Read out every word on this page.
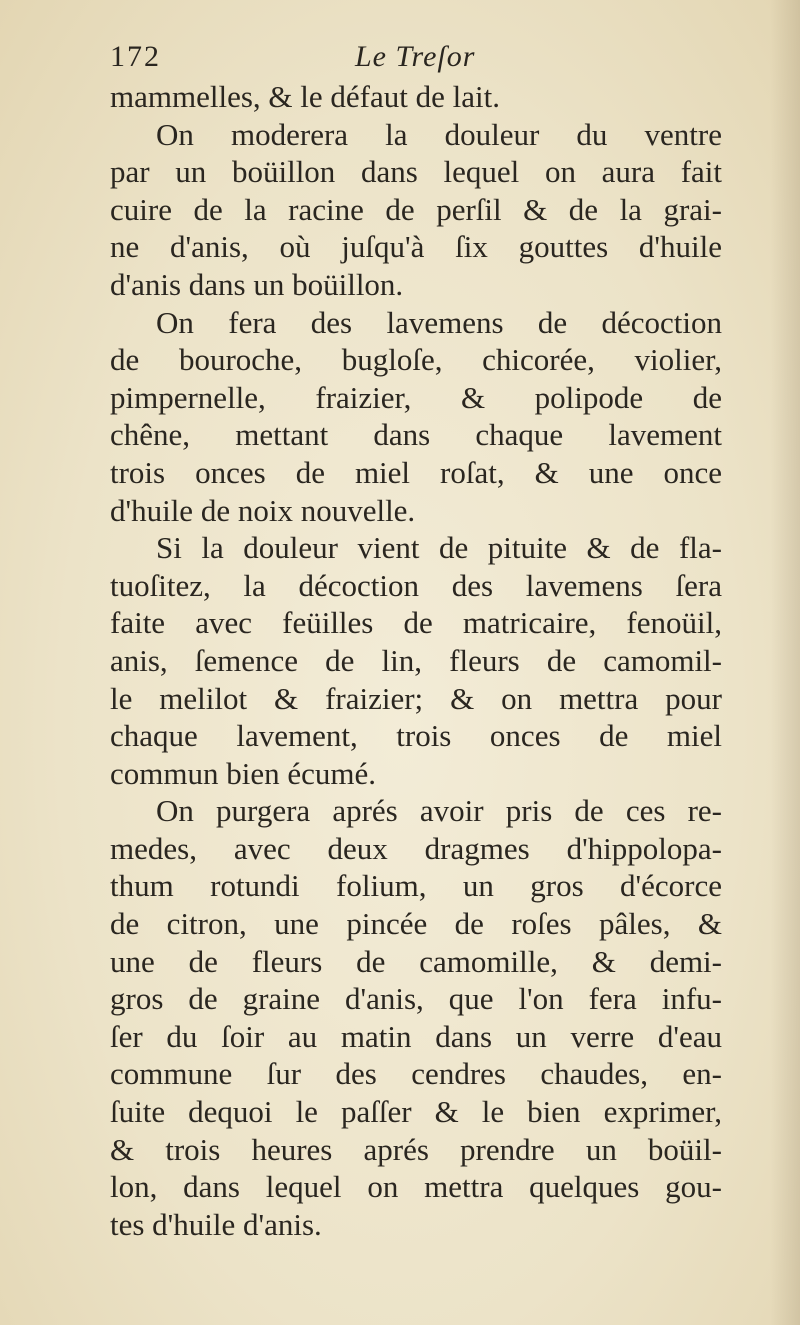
172	Le Treſor
mammelles, & le défaut de lait.
On moderera la douleur du ventre
par un boüillon dans lequel on aura fait
cuire de la racine de perſil & de la grai-
ne d'anis, où juſqu'à ſix gouttes d'huile
d'anis dans un boüillon.
On fera des lavemens de décoction
de bouroche, bugloſe, chicorée, violier,
pimpernelle, fraizier, & polipode de
chêne, mettant dans chaque lavement
trois onces de miel roſat, & une once
d'huile de noix nouvelle.
Si la douleur vient de pituite & de fla-
tuoſitez, la décoction des lavemens ſera
faite avec feüilles de matricaire, fenoüil,
anis, ſemence de lin, fleurs de camomil-
le melilot & fraizier; & on mettra pour
chaque lavement, trois onces de miel
commun bien écumé.
On purgera aprés avoir pris de ces re-
medes, avec deux dragmes d'hippolopa-
thum rotundi folium, un gros d'écorce
de citron, une pincée de roſes pâles, &
une de fleurs de camomille, & demi-
gros de graine d'anis, que l'on fera infu-
ſer du ſoir au matin dans un verre d'eau
commune ſur des cendres chaudes, en-
ſuite dequoi le paſſer & le bien exprimer,
& trois heures aprés prendre un boüil-
lon, dans lequel on mettra quelques gou-
tes d'huile d'anis.
